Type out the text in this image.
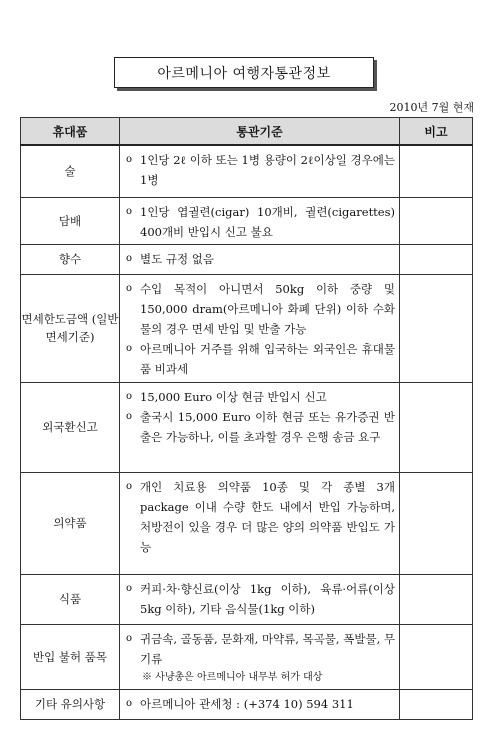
아르메니아 여행자통관정보
2010년 7월 현재
휴대품	통관기준	비고
술	o 1인당 2ℓ 이하 또는 1병 용량이 2ℓ이상일 경우에는 1병	

담배	o 1인당 엽궐련(cigar) 10개비, 궐련(cigarettes) 400개비 반입시 신고 불요	

향수	o 별도 규정 없음	

면세한도금액 (일반면세기준)	o 수입 목적이 아니면서 50kg 이하 중량 및 150,000 dram(아르메니아 화폐 단위) 이하 수화물의 경우 면세 반입 및 반출 가능
o 아르메니아 거주를 위해 입국하는 외국인은 휴대물품 비과세	

외국환신고	o 15,000 Euro 이상 현금 반입시 신고
o 출국시 15,000 Euro 이하 현금 또는 유가증권 반출은 가능하나, 이를 초과할 경우 은행 송금 요구	

의약품	o 개인 치료용 의약품 10종 및 각 종별 3개 package 이내 수량 한도 내에서 반입 가능하며, 처방전이 있을 경우 더 많은 양의 의약품 반입도 가능	

식품	o 커피·차·향신료(이상 1kg 이하), 육류·어류(이상 5kg 이하), 기타 음식물(1kg 이하)	

반입 불허 품목	o 귀금속, 골동품, 문화재, 마약류, 목곡물, 폭발물, 무기류
※ 사냥총은 아르메니아 내무부 허가 대상	

기타 유의사항	o 아르메니아 관세청 : (+374 10) 594 311	
